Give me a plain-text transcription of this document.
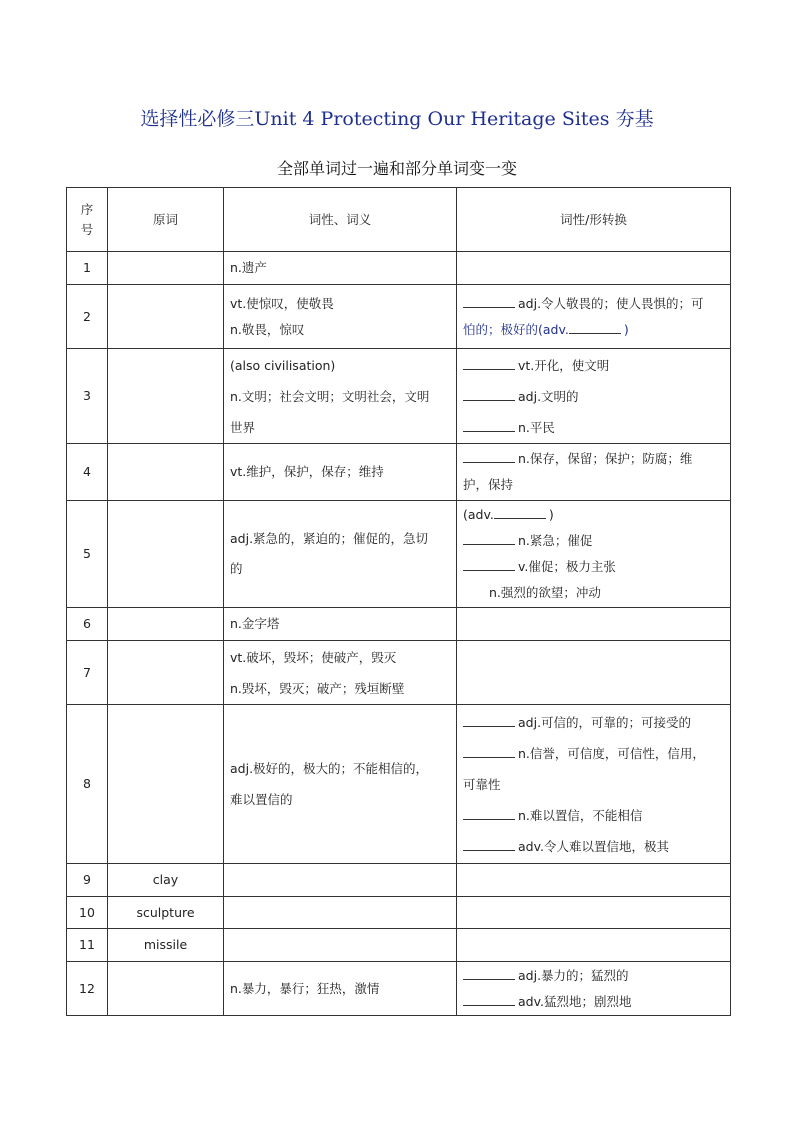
选择性必修三Unit 4 Protecting Our Heritage Sites 夯基
全部单词过一遍和部分单词变一变
序号	原词	词性、词义	词性/形转换
1		n.遗产	

2		vt.使惊叹，使敬畏
n.敬畏，惊叹	adj.令人敬畏的；使人畏惧的；可
怕的；极好的(adv. )

3		(also civilisation)
n.文明；社会文明；文明社会，文明
世界	vt.开化，使文明
adj.文明的
n.平民

4		vt.维护，保护，保存；维持	n.保存，保留；保护；防腐；维
护，保持

5		adj.紧急的，紧迫的；催促的，急切
的	(adv. )
n.紧急；催促
v.催促；极力主张
n.强烈的欲望；冲动

6		n.金字塔	

7		vt.破坏，毁坏；使破产，毁灭
n.毁坏，毁灭；破产；残垣断壁	

8		adj.极好的，极大的；不能相信的，
难以置信的	adj.可信的，可靠的；可接受的
n.信誉，可信度，可信性，信用，
可靠性
n.难以置信，不能相信
adv.令人难以置信地，极其

9	clay		
10	sculpture		
11	missile		
12		n.暴力，暴行；狂热，激情	adj.暴力的；猛烈的
adv.猛烈地；剧烈地
